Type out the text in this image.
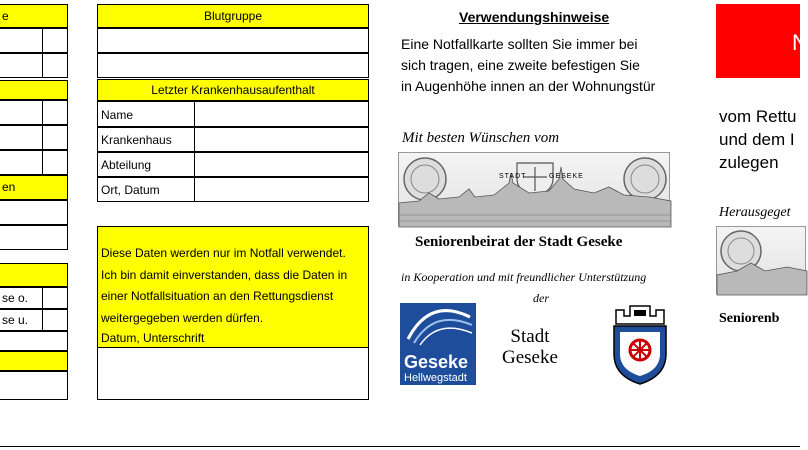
e
en
se o.
se u.
Blutgruppe
Letzter Krankenhausaufenthalt
Name
Krankenhaus
Abteilung
Ort, Datum

Diese Daten werden nur im Notfall verwendet.

Ich bin damit einverstanden, dass die Daten in

einer Notfallsituation an den Rettungsdienst

weitergegeben werden dürfen.

Datum, Unterschrift

Verwendungshinweise
Eine Notfallkarte sollten Sie immer bei
sich tragen, eine zweite befestigen Sie
in Augenhöhe innen an der Wohnungstür
Mit besten Wünschen vom
STADT	GESEKE
Seniorenbeirat der Stadt Geseke
in Kooperation und mit freundlicher Unterstützung
der
Geseke
Hellwegstadt
Stadt
Geseke
N
vom Rettu
und dem I
zulegen
Herausgeget
Seniorenb
